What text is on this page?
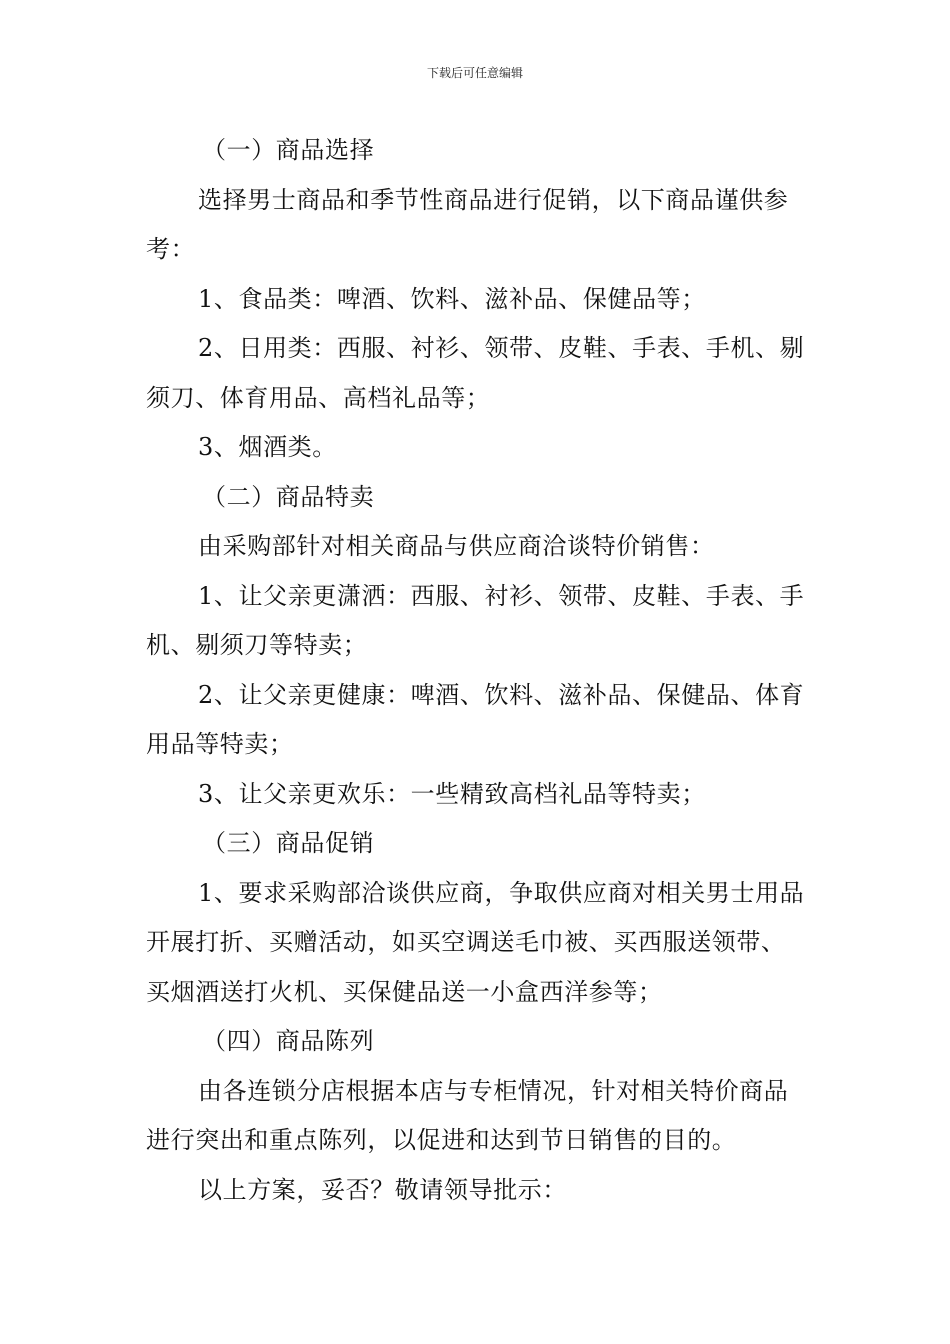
下载后可任意编辑

（一）商品选择

选择男士商品和季节性商品进行促销，以下商品谨供参考：

1、食品类：啤酒、饮料、滋补品、保健品等；

2、日用类：西服、衬衫、领带、皮鞋、手表、手机、剔须刀、体育用品、高档礼品等；

3、烟酒类。

（二）商品特卖

由采购部针对相关商品与供应商洽谈特价销售：

1、让父亲更潇洒：西服、衬衫、领带、皮鞋、手表、手机、剔须刀等特卖；

2、让父亲更健康：啤酒、饮料、滋补品、保健品、体育用品等特卖；

3、让父亲更欢乐：一些精致高档礼品等特卖；

（三）商品促销

1、要求采购部洽谈供应商，争取供应商对相关男士用品开展打折、买赠活动，如买空调送毛巾被、买西服送领带、买烟酒送打火机、买保健品送一小盒西洋参等；

（四）商品陈列

由各连锁分店根据本店与专柜情况，针对相关特价商品进行突出和重点陈列，以促进和达到节日销售的目的。

以上方案，妥否？敬请领导批示：
